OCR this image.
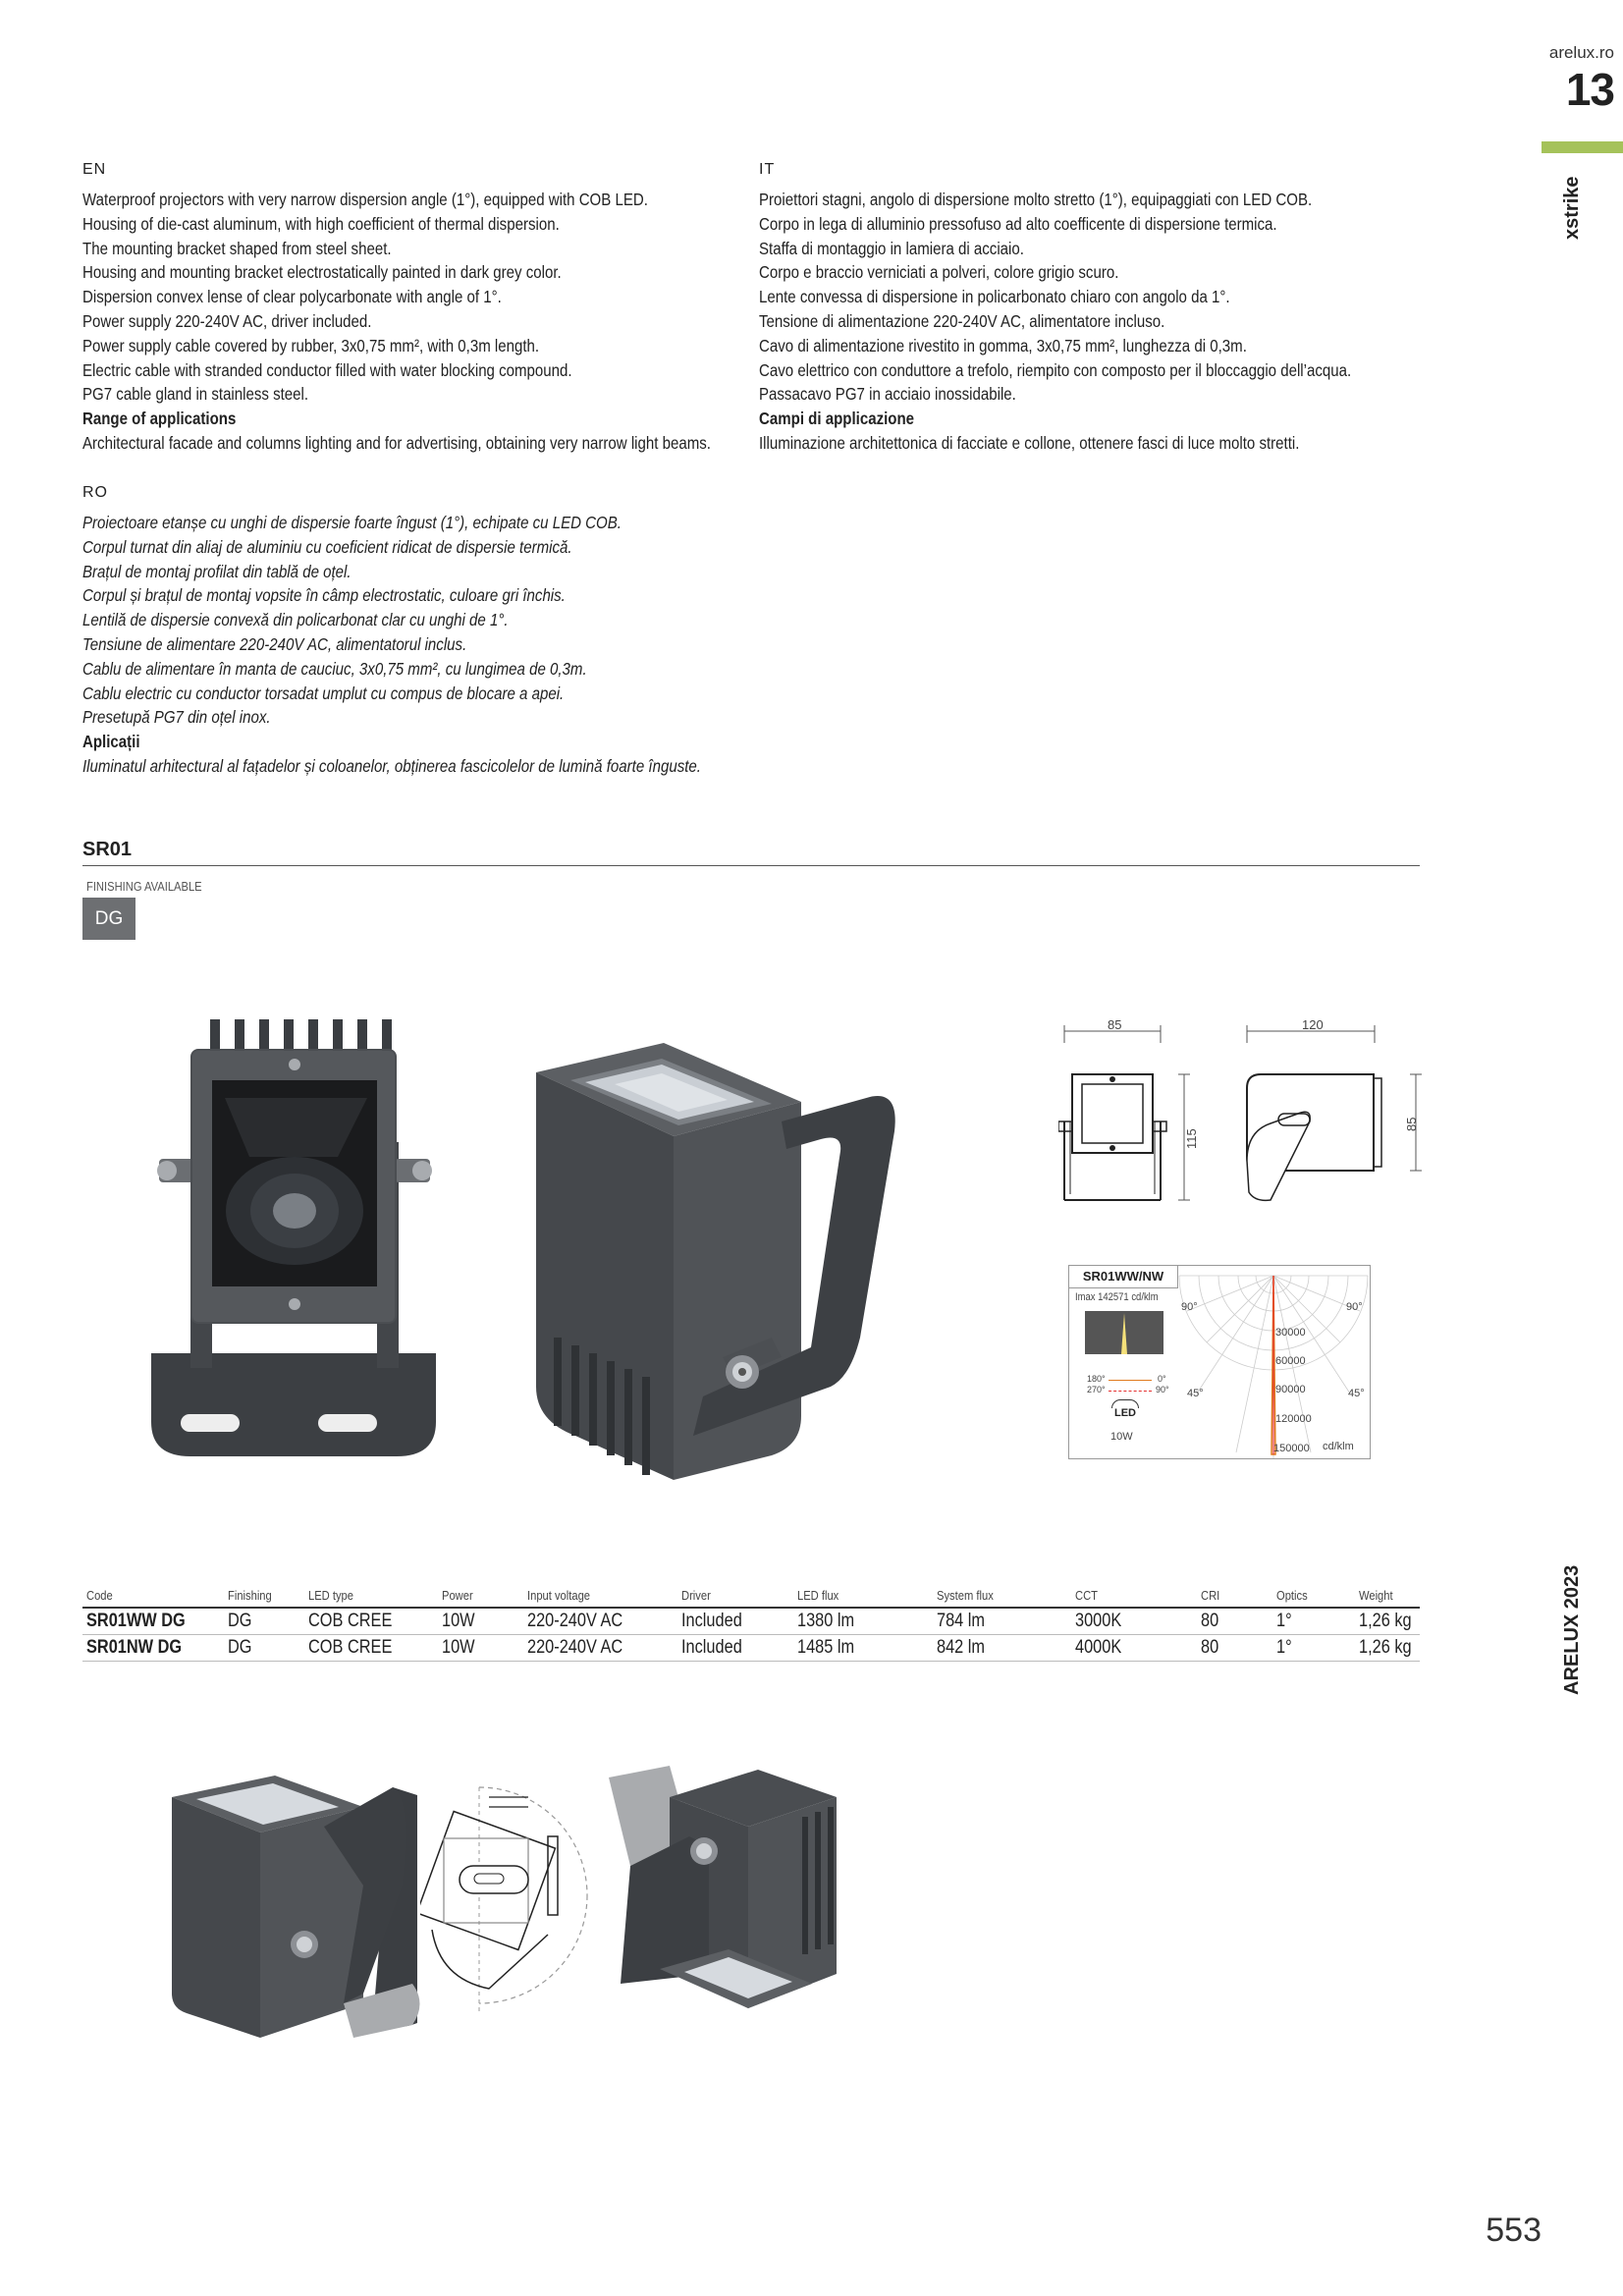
arelux.ro
13
xstrike
ARELUX 2023
553
EN
Waterproof projectors with very narrow dispersion angle (1°), equipped with COB LED.
Housing of die-cast aluminum, with high coefficient of thermal dispersion.
The mounting bracket shaped from steel sheet.
Housing and mounting bracket electrostatically painted in dark grey color.
Dispersion convex lense of clear polycarbonate with angle of 1°.
Power supply 220-240V AC, driver included.
Power supply cable covered by rubber, 3x0,75 mm², with 0,3m length.
Electric cable with stranded conductor filled with water blocking compound.
PG7 cable gland in stainless steel.
Range of applications
Architectural facade and columns lighting and for advertising, obtaining very narrow light beams.
IT
Proiettori stagni, angolo di dispersione molto stretto (1°), equipaggiati con LED COB.
Corpo in lega di alluminio pressofuso ad alto coefficente di dispersione termica.
Staffa di montaggio in lamiera di acciaio.
Corpo e braccio verniciati a polveri, colore grigio scuro.
Lente convessa di dispersione in policarbonato chiaro con angolo da 1°.
Tensione di alimentazione 220-240V AC, alimentatore incluso.
Cavo di alimentazione rivestito in gomma, 3x0,75 mm², lunghezza di 0,3m.
Cavo elettrico con conduttore a trefolo, riempito con composto per il bloccaggio dell’acqua.
Passacavo PG7 in acciaio inossidabile.
Campi di applicazione
Illuminazione architettonica di facciate e collone, ottenere fasci di luce molto stretti.
RO
Proiectoare etanșe cu unghi de dispersie foarte îngust (1°), echipate cu LED COB.
Corpul turnat din aliaj de aluminiu cu coeficient ridicat de dispersie termică.
Brațul de montaj profilat din tablă de oțel.
Corpul și brațul de montaj vopsite în câmp electrostatic, culoare gri închis.
Lentilă de dispersie convexă din policarbonat clar cu unghi de 1°.
Tensiune de alimentare 220-240V AC, alimentatorul inclus.
Cablu de alimentare în manta de cauciuc, 3x0,75 mm², cu lungimea de 0,3m.
Cablu electric cu conductor torsadat umplut cu compus de blocare a apei.
Presetupă PG7 din oțel inox.
Aplicații
Iluminatul arhitectural al fațadelor și coloanelor, obținerea fascicolelor de lumină foarte înguste.
SR01
FINISHING AVAILABLE
DG
85
115
120
85
SR01WW/NW
Imax 142571 cd/klm
180°	0°
270°	90°
LED
10W
90°	90°
45°	45°
30000
60000
90000
120000
150000 cd/klm
Code	Finishing	LED type	Power	Input voltage	Driver	LED flux	System flux	CCT	CRI	Optics	Weight
SR01WW DG	DG	COB CREE	10W	220-240V AC	Included	1380 lm	784 lm	3000K	80	1°	1,26 kg
SR01NW DG	DG	COB CREE	10W	220-240V AC	Included	1485 lm	842 lm	4000K	80	1°	1,26 kg
